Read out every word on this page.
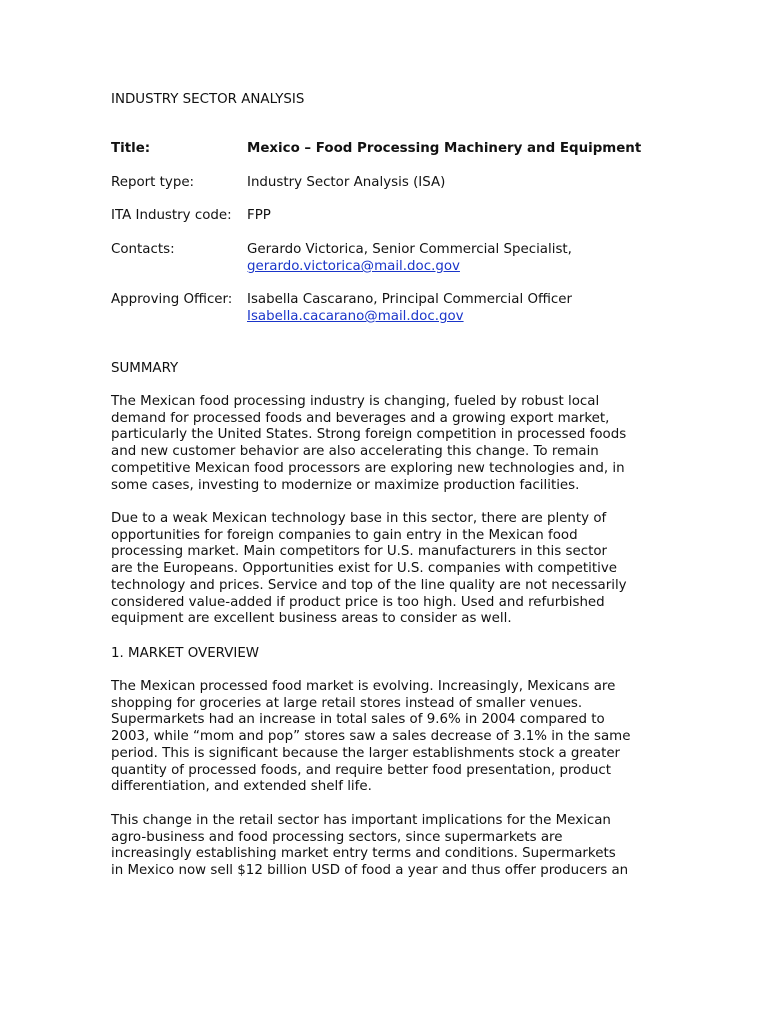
INDUSTRY SECTOR ANALYSIS
Title:	Mexico – Food Processing Machinery and Equipment
Report type:	Industry Sector Analysis (ISA)
ITA Industry code: FPP
Contacts:	Gerardo Victorica, Senior Commercial Specialist,
gerardo.victorica@mail.doc.gov
Approving Officer: Isabella Cascarano, Principal Commercial Officer
Isabella.cacarano@mail.doc.gov
SUMMARY

The Mexican food processing industry is changing, fueled by robust local
demand for processed foods and beverages and a growing export market,
particularly the United States. Strong foreign competition in processed foods
and new customer behavior are also accelerating this change. To remain
competitive Mexican food processors are exploring new technologies and, in
some cases, investing to modernize or maximize production facilities.

Due to a weak Mexican technology base in this sector, there are plenty of
opportunities for foreign companies to gain entry in the Mexican food
processing market. Main competitors for U.S. manufacturers in this sector
are the Europeans. Opportunities exist for U.S. companies with competitive
technology and prices. Service and top of the line quality are not necessarily
considered value-added if product price is too high. Used and refurbished
equipment are excellent business areas to consider as well.

1. MARKET OVERVIEW

The Mexican processed food market is evolving. Increasingly, Mexicans are
shopping for groceries at large retail stores instead of smaller venues.
Supermarkets had an increase in total sales of 9.6% in 2004 compared to
2003, while “mom and pop” stores saw a sales decrease of 3.1% in the same
period. This is significant because the larger establishments stock a greater
quantity of processed foods, and require better food presentation, product
differentiation, and extended shelf life.

This change in the retail sector has important implications for the Mexican
agro-business and food processing sectors, since supermarkets are
increasingly establishing market entry terms and conditions. Supermarkets
in Mexico now sell $12 billion USD of food a year and thus offer producers an
